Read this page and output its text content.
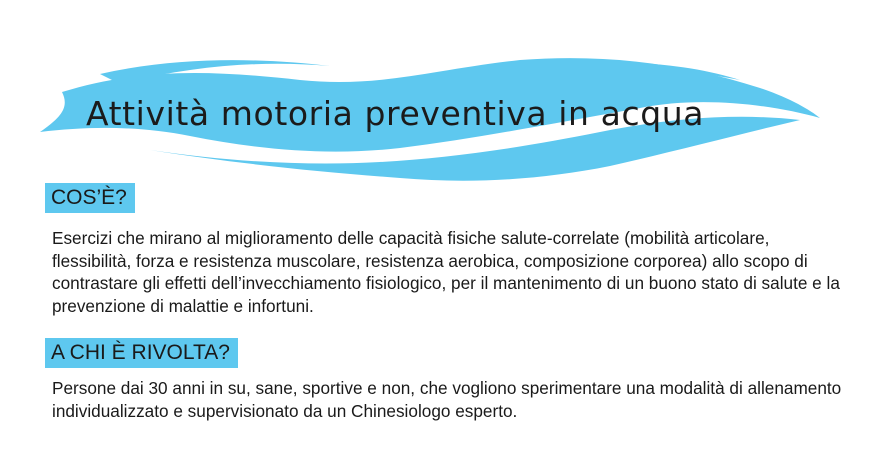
Attività motoria preventiva in acqua
COS’È?

Esercizi che mirano al miglioramento delle capacità fisiche salute-correlate (mobilità articolare, flessibilità, forza e resistenza muscolare, resistenza aerobica, composizione corporea) allo scopo di contrastare gli effetti dell’invecchiamento fisiologico, per il mantenimento di un buono stato di salute e la prevenzione di malattie e infortuni.

A CHI È RIVOLTA?

Persone dai 30 anni in su, sane, sportive e non, che vogliono sperimentare una modalità di allenamento individualizzato e supervisionato da un Chinesiologo esperto.
